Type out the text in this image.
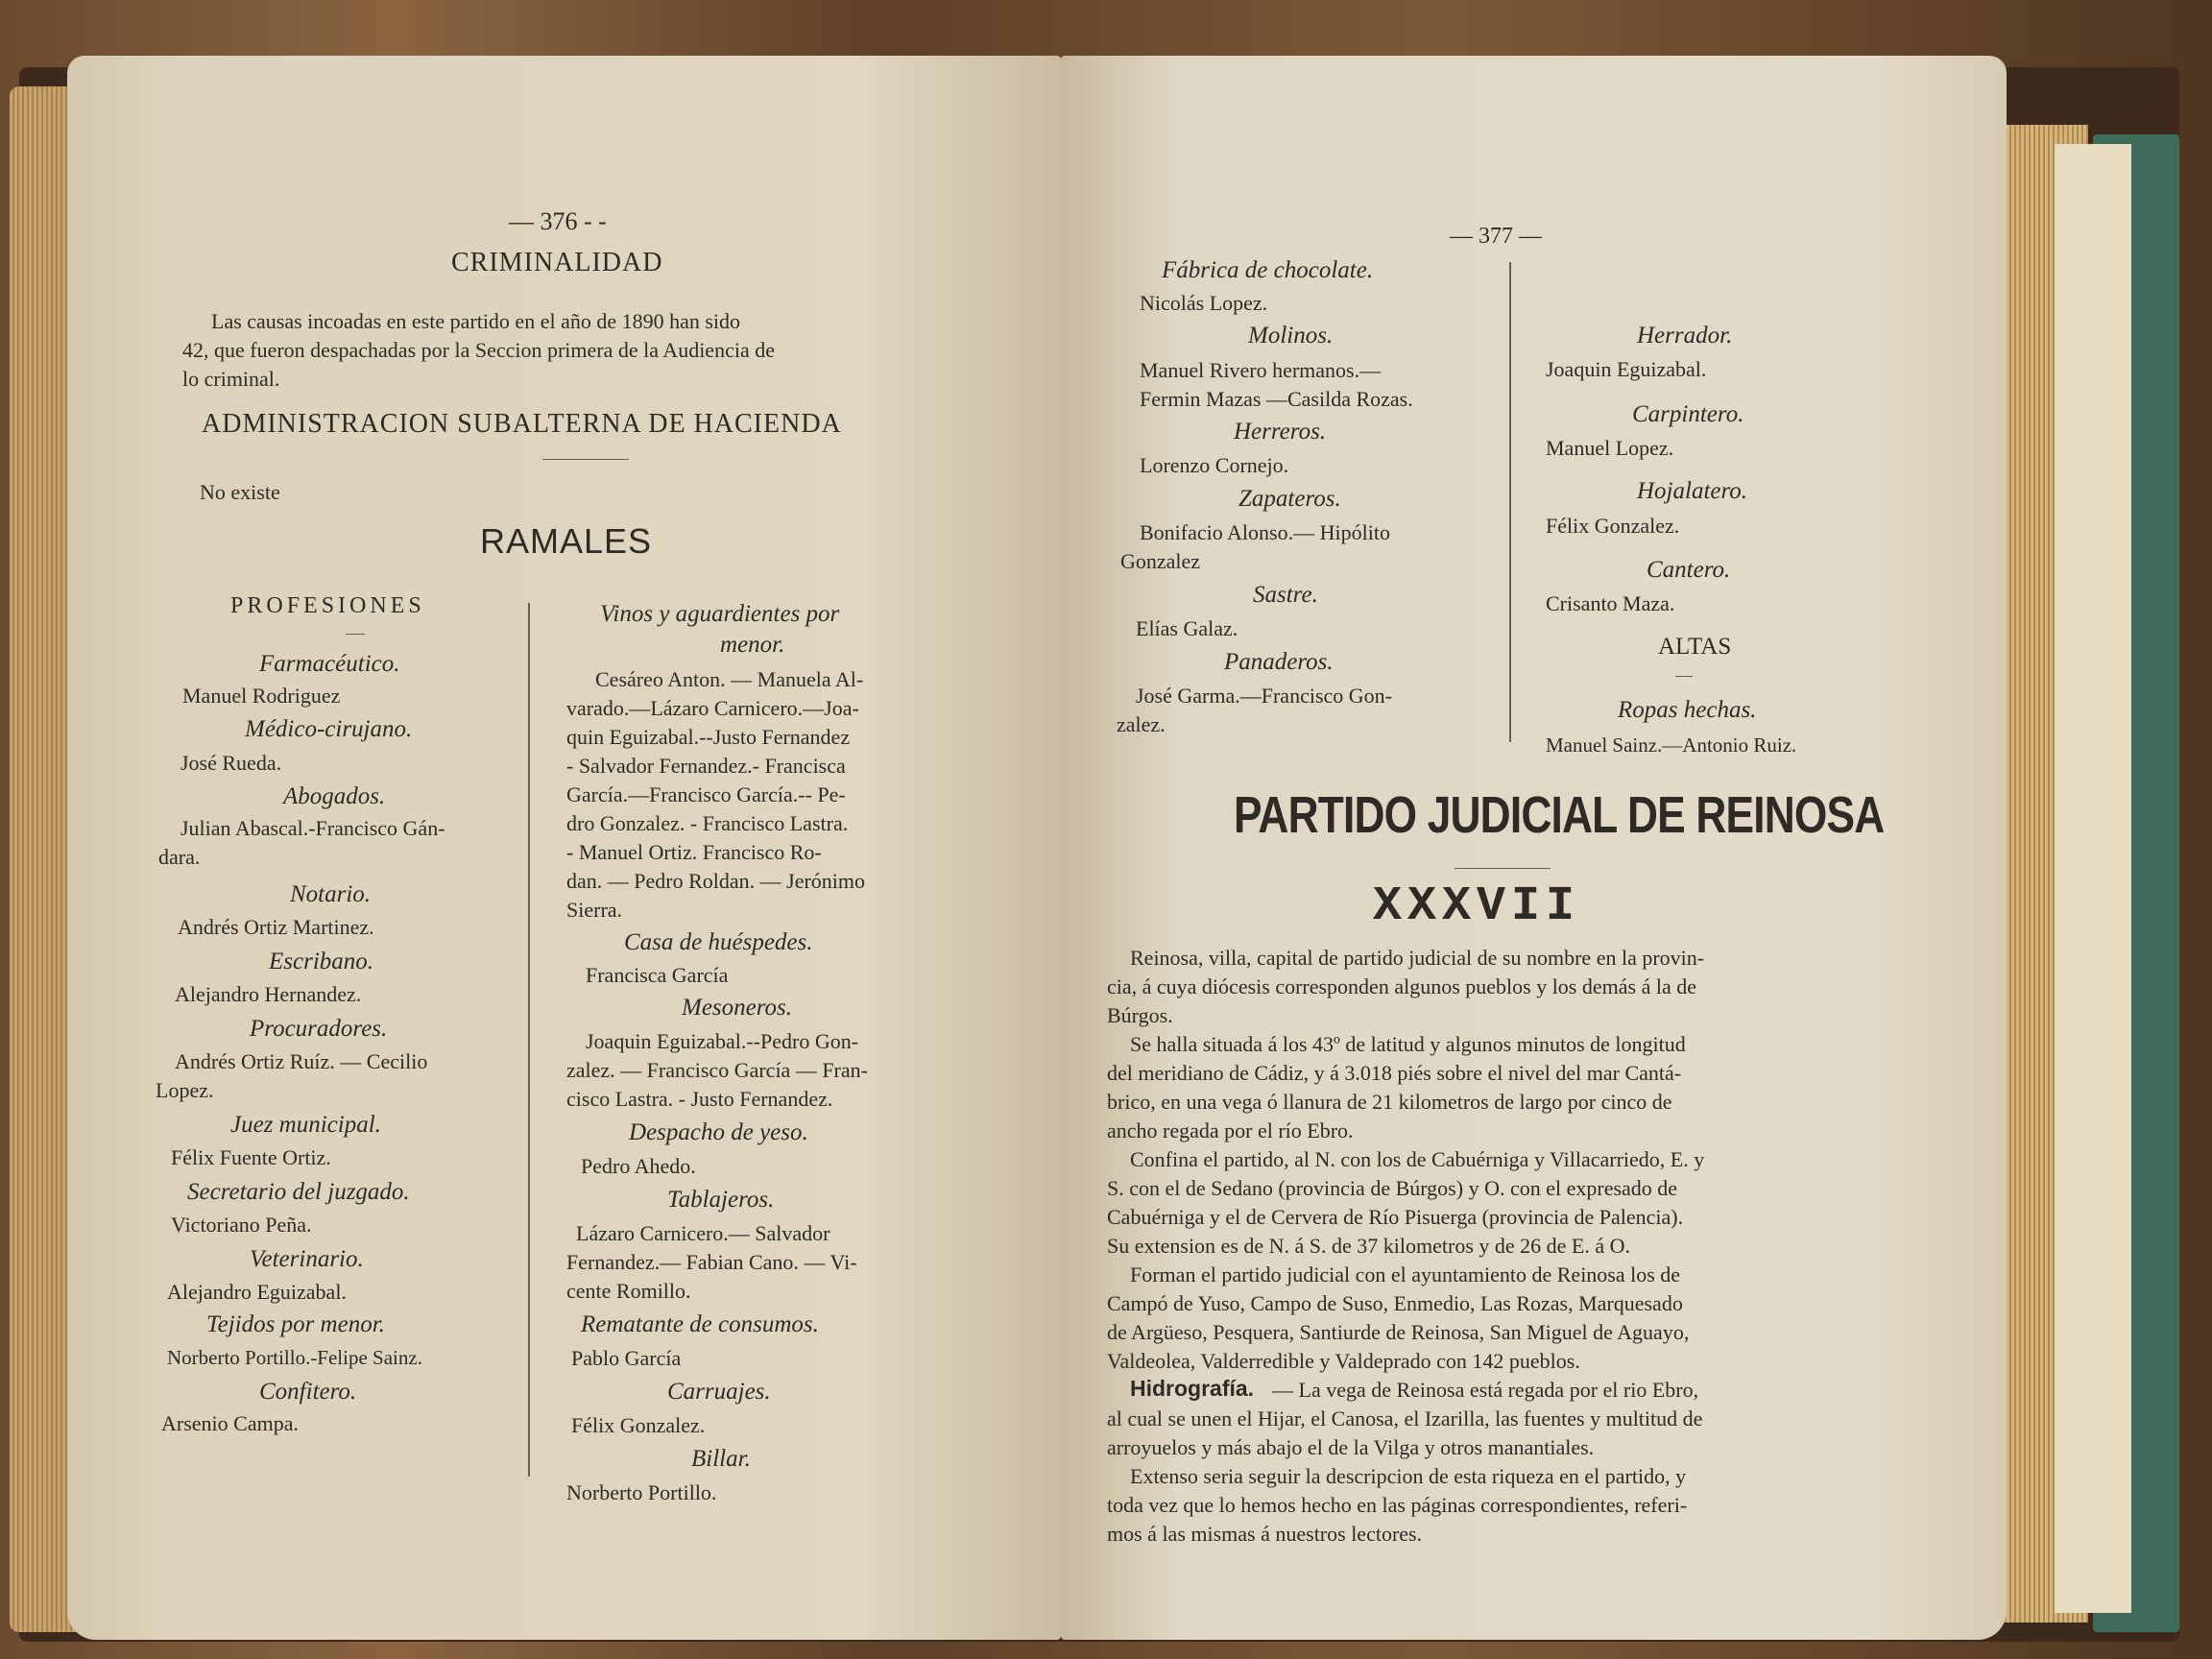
— 376 - -
CRIMINALIDAD
Las causas incoadas en este partido en el año de 1890 han sido
42, que fueron despachadas por la Seccion primera de la Audiencia de
lo criminal.
ADMINISTRACION SUBALTERNA DE HACIENDA
No existe
RAMALES
PROFESIONES
Farmacéutico.
Manuel Rodriguez
Médico-cirujano.
José Rueda.
Abogados.
Julian Abascal.-Francisco Gán-
dara.
Notario.
Andrés Ortiz Martinez.
Escribano.
Alejandro Hernandez.
Procuradores.
Andrés Ortiz Ruíz. — Cecilio
Lopez.
Juez municipal.
Félix Fuente Ortiz.
Secretario del juzgado.
Victoriano Peña.
Veterinario.
Alejandro Eguizabal.
Tejidos por menor.
Norberto Portillo.-Felipe Sainz.
Confitero.
Arsenio Campa.
Vinos y aguardientes por
menor.
Cesáreo Anton. — Manuela Al-
varado.—Lázaro Carnicero.—Joa-
quin Eguizabal.--Justo Fernandez
- Salvador Fernandez.- Francisca
García.—Francisco García.-- Pe-
dro Gonzalez. - Francisco Lastra.
- Manuel Ortiz. Francisco Ro-
dan. — Pedro Roldan. — Jerónimo
Sierra.
Casa de huéspedes.
Francisca García
Mesoneros.
Joaquin Eguizabal.--Pedro Gon-
zalez. — Francisco García — Fran-
cisco Lastra. - Justo Fernandez.
Despacho de yeso.
Pedro Ahedo.
Tablajeros.
Lázaro Carnicero.— Salvador
Fernandez.— Fabian Cano. — Vi-
cente Romillo.
Rematante de consumos.
Pablo García
Carruajes.
Félix Gonzalez.
Billar.
Norberto Portillo.
— 377 —
Fábrica de chocolate.
Nicolás Lopez.
Molinos.
Manuel Rivero hermanos.—
Fermin Mazas —Casilda Rozas.
Herreros.
Lorenzo Cornejo.
Zapateros.
Bonifacio Alonso.— Hipólito
Gonzalez
Sastre.
Elías Galaz.
Panaderos.
José Garma.—Francisco Gon-
zalez.
Herrador.
Joaquin Eguizabal.
Carpintero.
Manuel Lopez.
Hojalatero.
Félix Gonzalez.
Cantero.
Crisanto Maza.
ALTAS
Ropas hechas.
Manuel Sainz.—Antonio Ruiz.
PARTIDO JUDICIAL DE REINOSA
XXXVII
Reinosa, villa, capital de partido judicial de su nombre en la provin-
cia, á cuya diócesis corresponden algunos pueblos y los demás á la de
Búrgos.
Se halla situada á los 43º de latitud y algunos minutos de longitud
del meridiano de Cádiz, y á 3.018 piés sobre el nivel del mar Cantá-
brico, en una vega ó llanura de 21 kilometros de largo por cinco de
ancho regada por el río Ebro.
Confina el partido, al N. con los de Cabuérniga y Villacarriedo, E. y
S. con el de Sedano (provincia de Búrgos) y O. con el expresado de
Cabuérniga y el de Cervera de Río Pisuerga (provincia de Palencia).
Su extension es de N. á S. de 37 kilometros y de 26 de E. á O.
Forman el partido judicial con el ayuntamiento de Reinosa los de
Campó de Yuso, Campo de Suso, Enmedio, Las Rozas, Marquesado
de Argüeso, Pesquera, Santiurde de Reinosa, San Miguel de Aguayo,
Valdeolea, Valderredible y Valdeprado con 142 pueblos.
Hidrografía. — La vega de Reinosa está regada por el rio Ebro,
al cual se unen el Hijar, el Canosa, el Izarilla, las fuentes y multitud de
arroyuelos y más abajo el de la Vilga y otros manantiales.
Extenso seria seguir la descripcion de esta riqueza en el partido, y
toda vez que lo hemos hecho en las páginas correspondientes, referi-
mos á las mismas á nuestros lectores.
